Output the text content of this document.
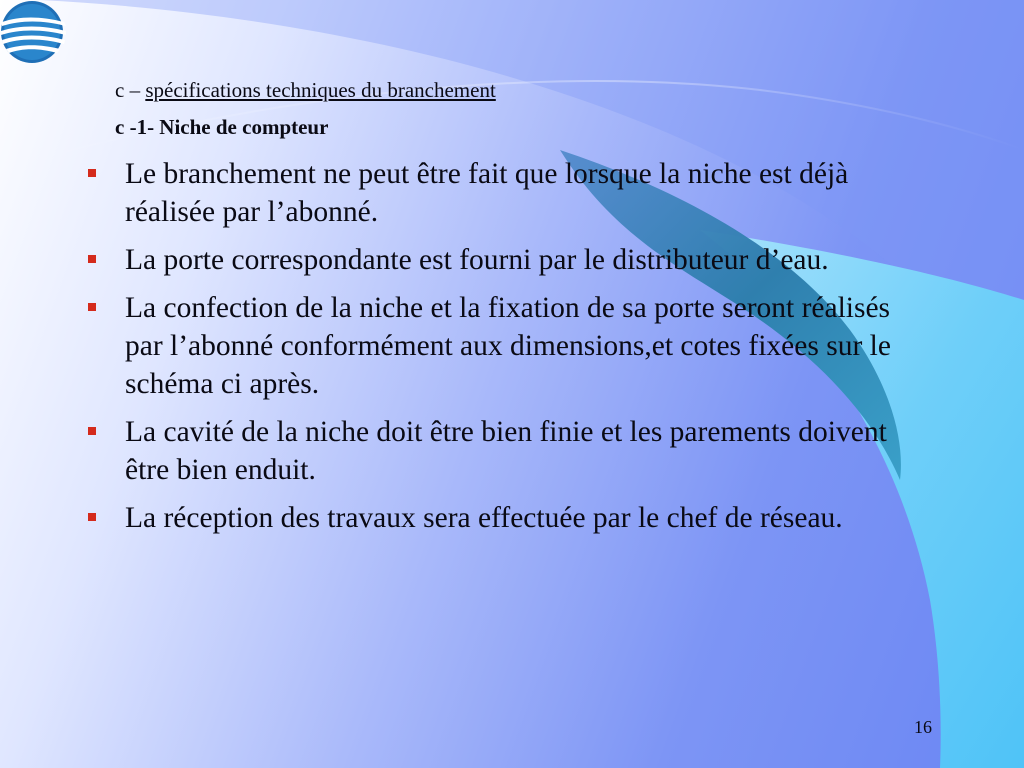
c – spécifications techniques du branchement
c -1- Niche de compteur
Le branchement ne peut être fait que lorsque la niche est déjà réalisée par l’abonné.
La porte correspondante est fourni par le distributeur d’eau.
La confection de la niche et la fixation de sa porte seront réalisés par l’abonné conformément aux dimensions,et cotes fixées sur le schéma ci après.
La cavité de la niche doit être bien finie et les parements doivent être bien enduit.
La réception des travaux sera effectuée par le chef de réseau.
16
